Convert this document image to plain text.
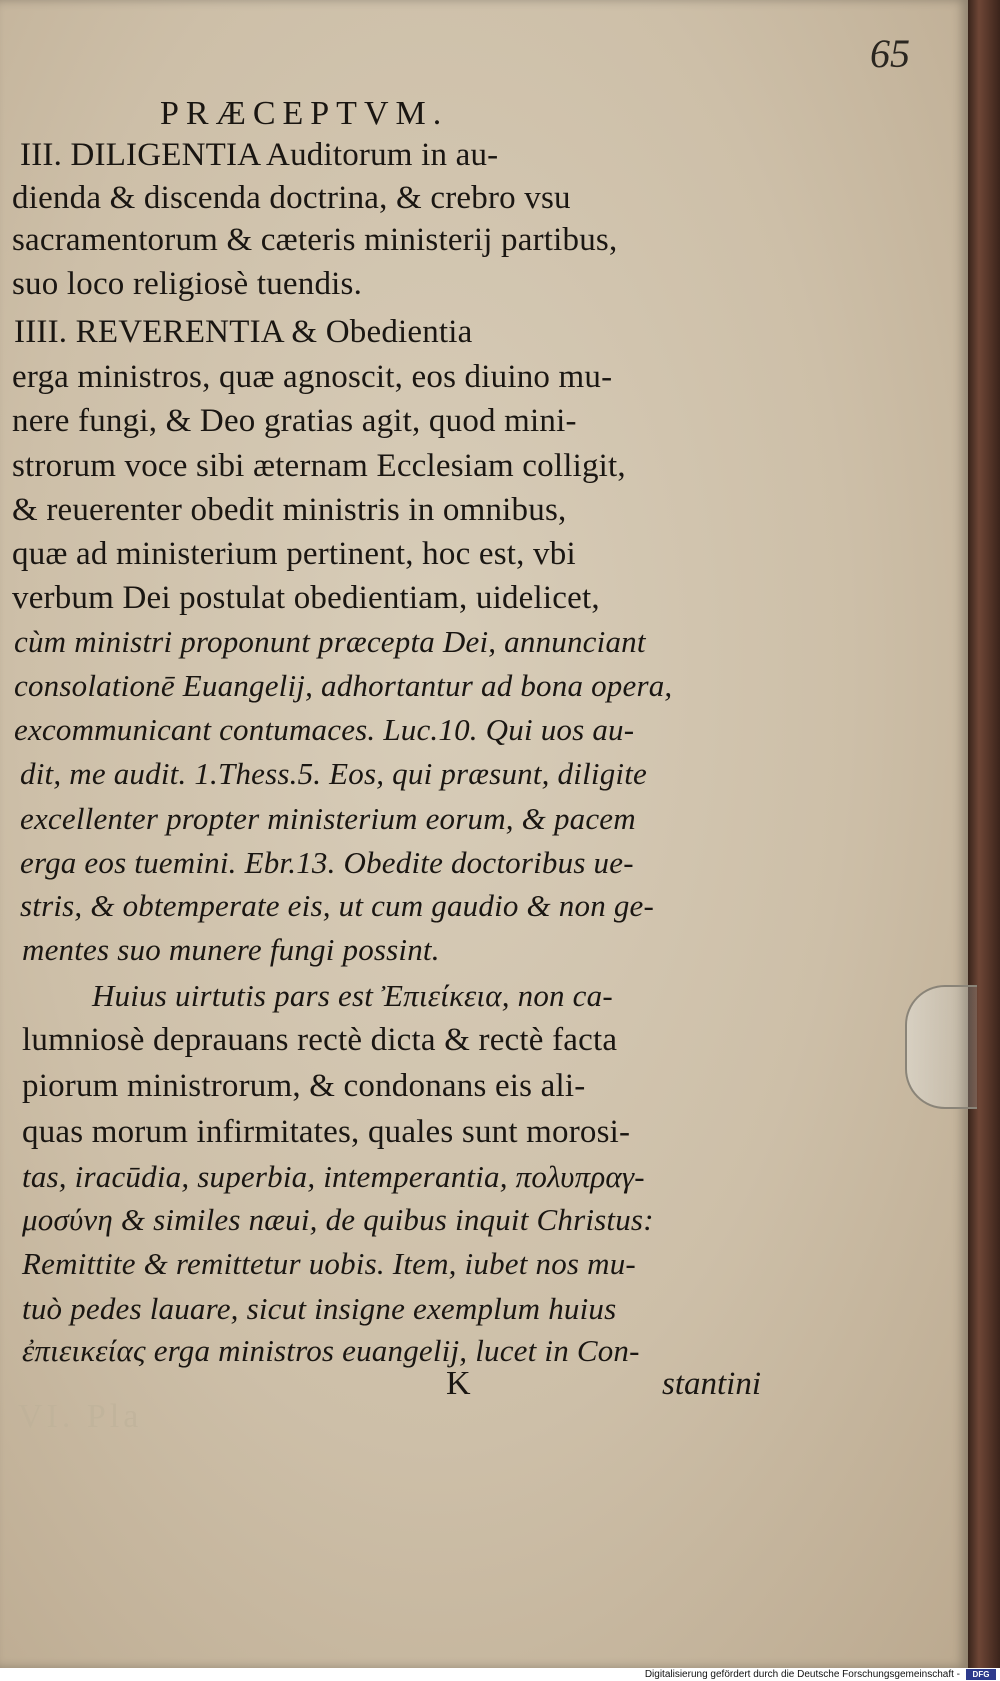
VI. Pla
65
PRÆCEPTVM.

III. DILIGENTIA Auditorum in au-

dienda & discenda doctrina, & crebro vsu

sacramentorum & cæteris ministerij partibus,

suo loco religiosè tuendis.

IIII. REVERENTIA & Obedientia

erga ministros, quæ agnoscit, eos diuino mu-

nere fungi, & Deo gratias agit, quod mini-

strorum voce sibi æternam Ecclesiam colligit,

& reuerenter obedit ministris in omnibus,

quæ ad ministerium pertinent, hoc est, vbi

verbum Dei postulat obedientiam, uidelicet,

cùm ministri proponunt præcepta Dei, annunciant

consolationē Euangelij, adhortantur ad bona opera,

excommunicant contumaces. Luc.10. Qui uos au-

dit, me audit. 1.Thess.5. Eos, qui præsunt, diligite

excellenter propter ministerium eorum, & pacem

erga eos tuemini. Ebr.13. Obedite doctoribus ue-

stris, & obtemperate eis, ut cum gaudio & non ge-

mentes suo munere fungi possint.

Huius uirtutis pars est Ἐπιείκεια, non ca-

lumniosè deprauans rectè dicta & rectè facta

piorum ministrorum, & condonans eis ali-

quas morum infirmitates, quales sunt morosi-

tas, iracūdia, superbia, intemperantia, πολυπραγ-

μοσύνη & similes næui, de quibus inquit Christus:

Remittite & remittetur uobis. Item, iubet nos mu-

tuò pedes lauare, sicut insigne exemplum huius

ἐπιεικείας erga ministros euangelij, lucet in Con-

K	stantini
Digitalisierung gefördert durch die Deutsche Forschungsgemeinschaft -	DFG
